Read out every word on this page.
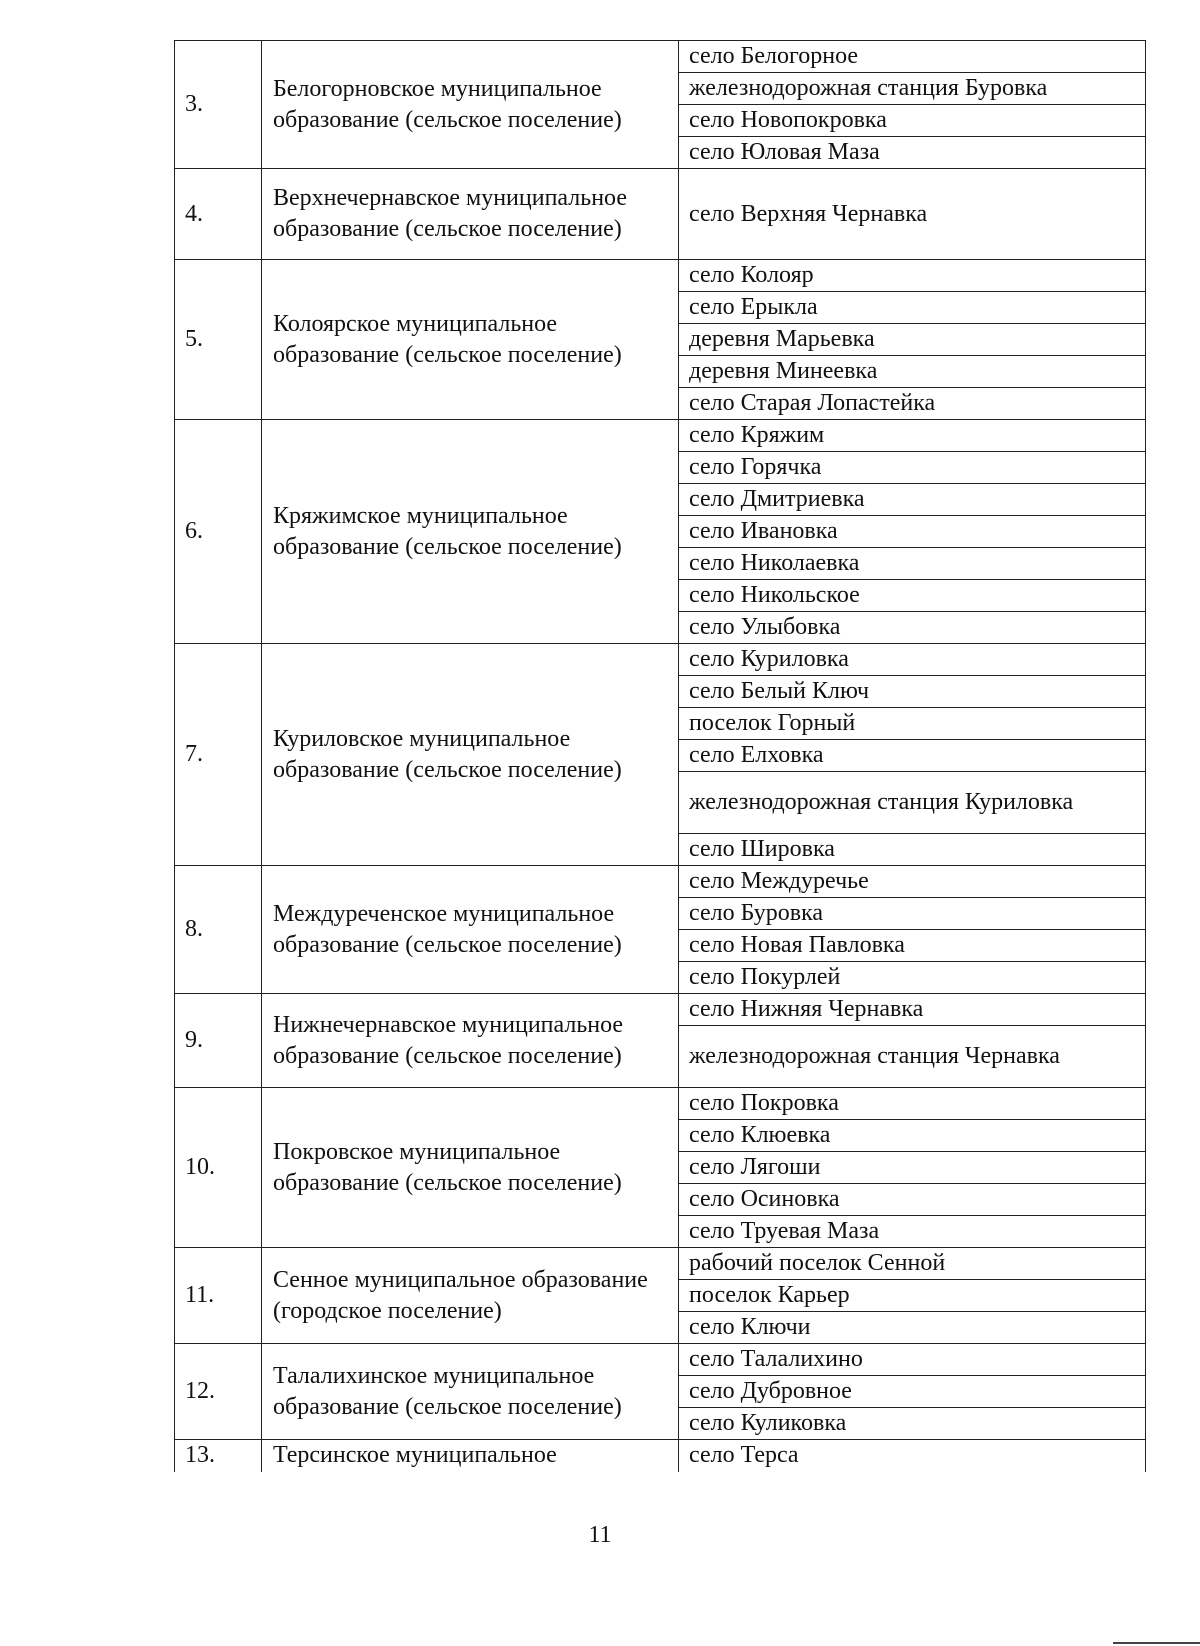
3.	Белогорновское муниципальное образование (сельское поселение)	село Белогорное
		железнодорожная станция Буровка
		село Новопокровка
		село Юловая Маза
4.	Верхнечернавское муниципальное образование (сельское поселение)	село Верхняя Чернавка
5.	Колоярское муниципальное образование (сельское поселение)	село Колояр
		село Ерыкла
		деревня Марьевка
		деревня Минеевка
		село Старая Лопастейка
6.	Кряжимское муниципальное образование (сельское поселение)	село Кряжим
		село Горячка
		село Дмитриевка
		село Ивановка
		село Николаевка
		село Никольское
		село Улыбовка
7.	Куриловское муниципальное образование (сельское поселение)	село Куриловка
		село Белый Ключ
		поселок Горный
		село Елховка
		железнодорожная станция Куриловка
		село Шировка
8.	Междуреченское муниципальное образование (сельское поселение)	село Междуречье
		село Буровка
		село Новая Павловка
		село Покурлей
9.	Нижнечернавское муниципальное образование (сельское поселение)	село Нижняя Чернавка
		железнодорожная станция Чернавка
10.	Покровское муниципальное образование (сельское поселение)	село Покровка
		село Клюевка
		село Лягоши
		село Осиновка
		село Труевая Маза
11.	Сенное муниципальное образование (городское поселение)	рабочий поселок Сенной
		поселок Карьер
		село Ключи
12.	Талалихинское муниципальное образование (сельское поселение)	село Талалихино
		село Дубровное
		село Куликовка
13.	Терсинское муниципальное	село Терса
11
